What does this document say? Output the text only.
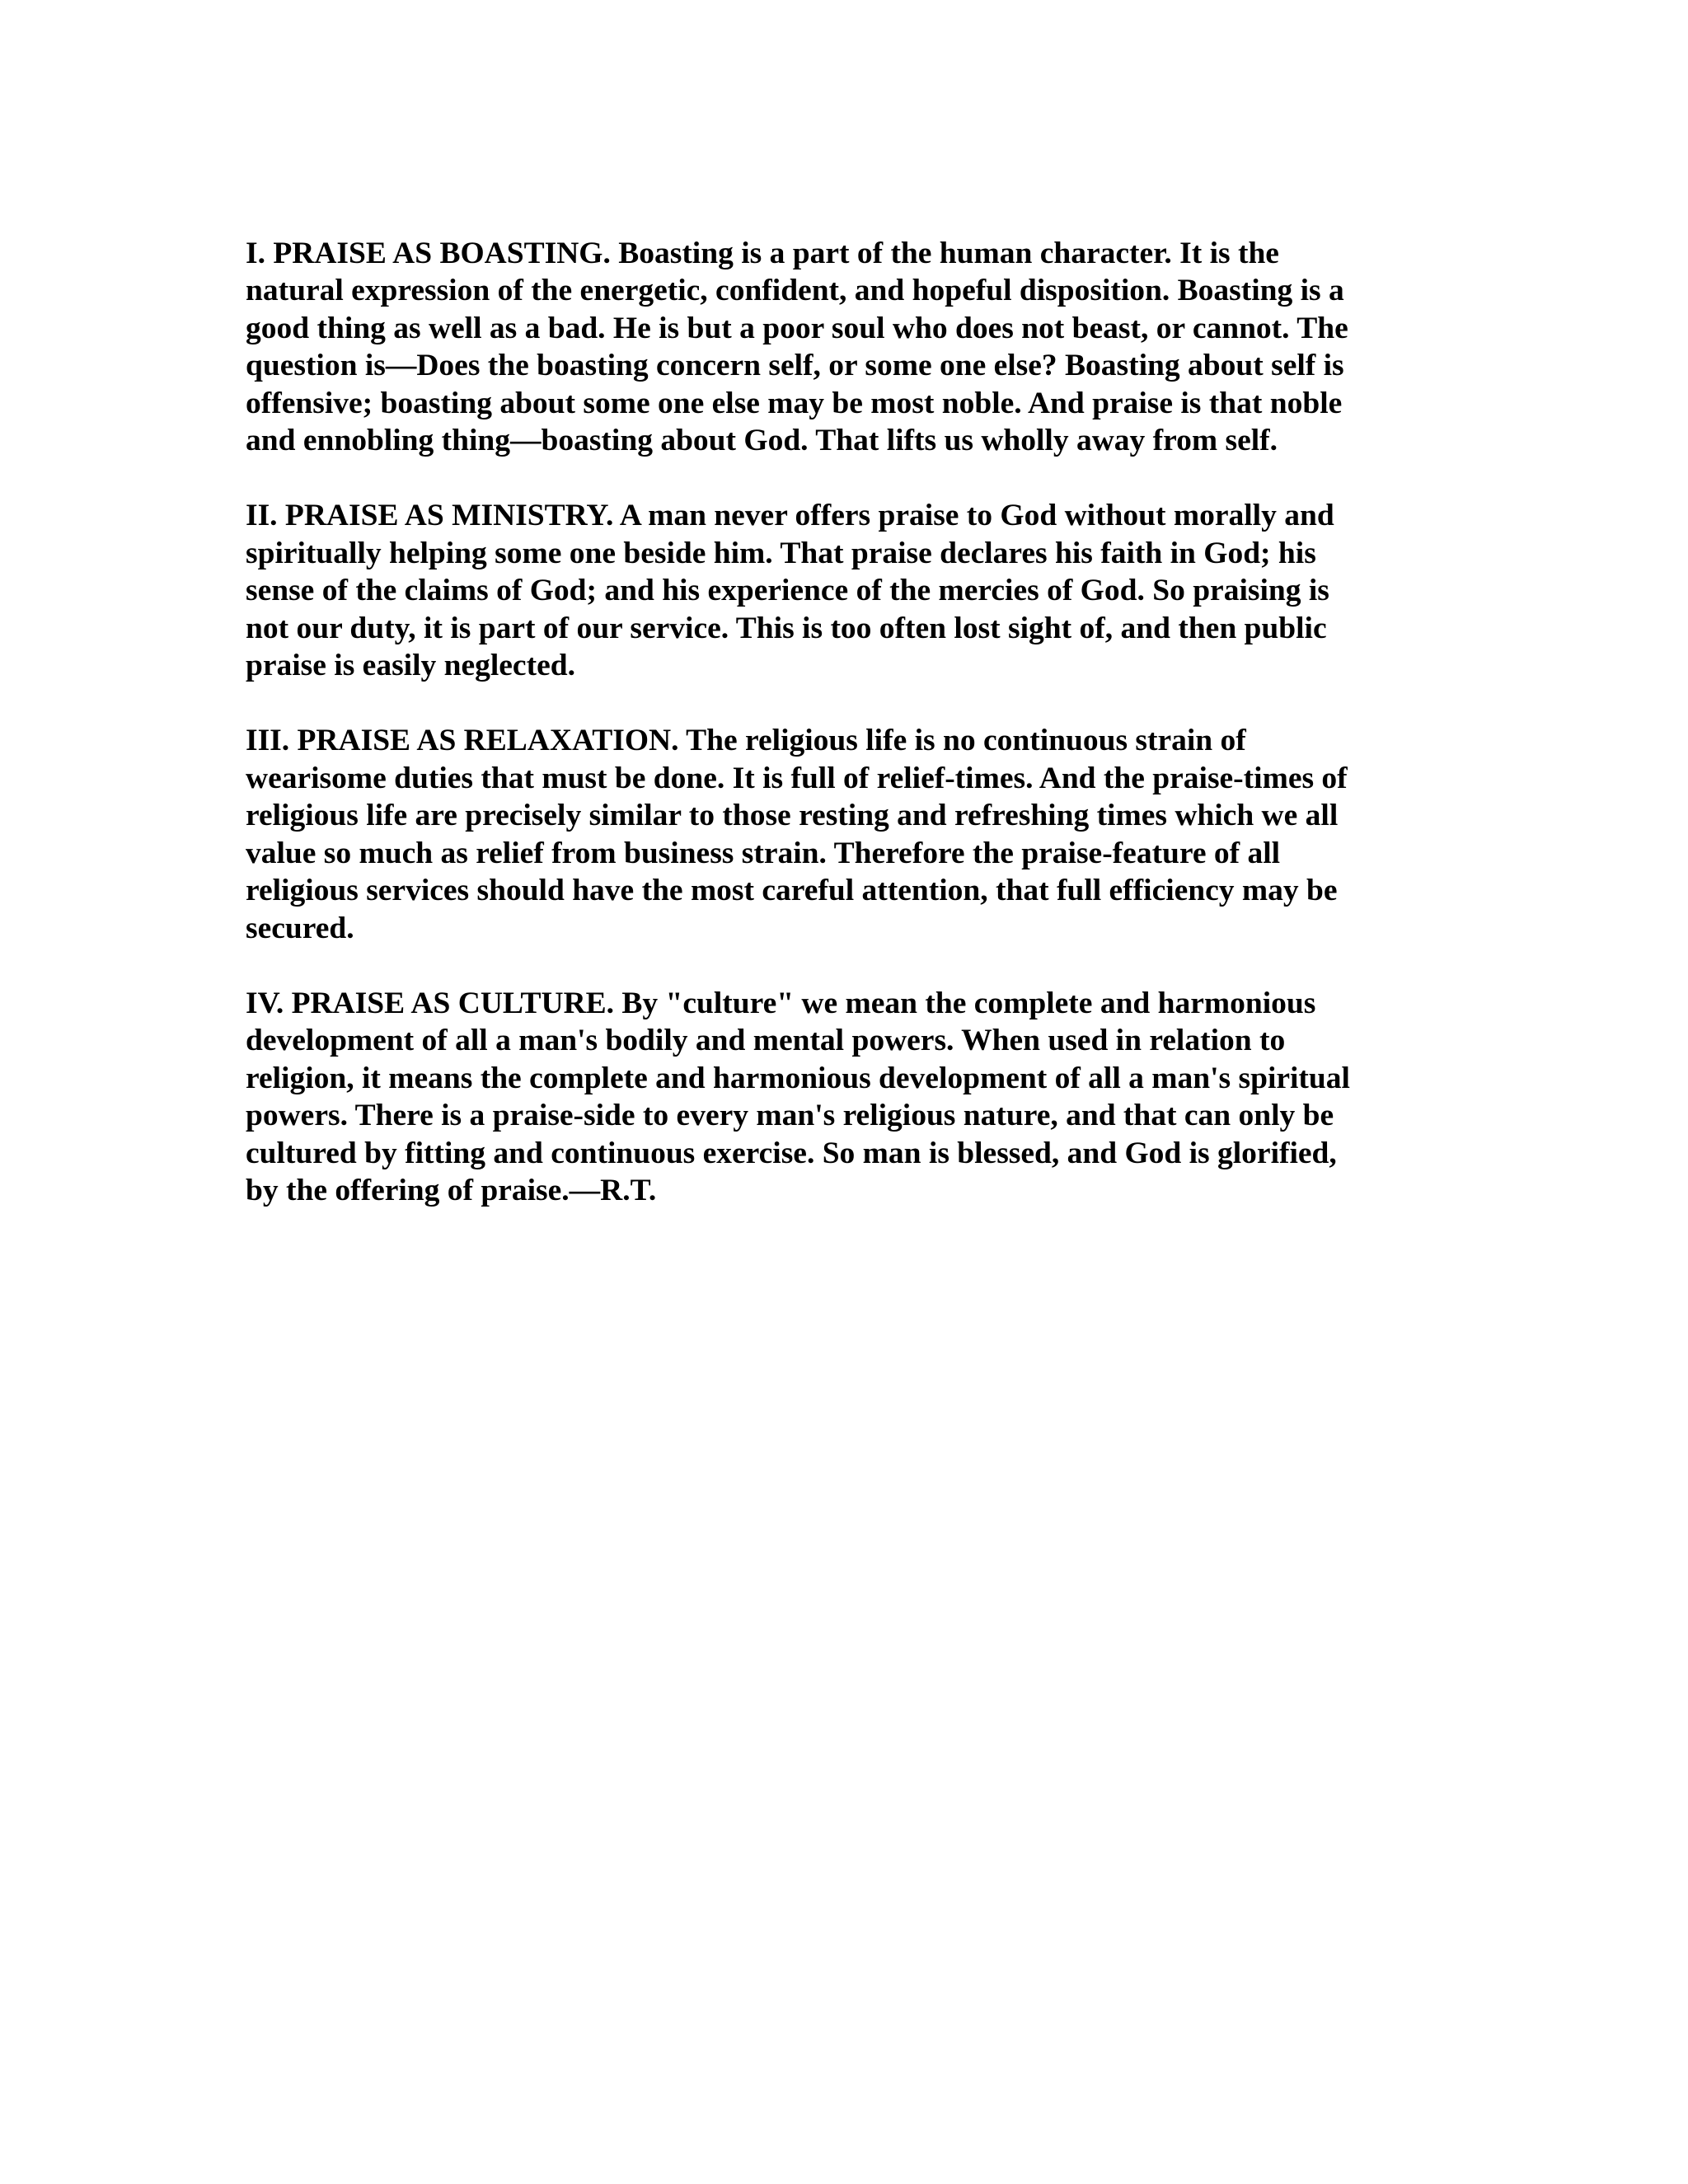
I. PRAISE AS BOASTING. Boasting is a part of the human character. It is the
natural expression of the energetic, confident, and hopeful disposition. Boasting is a
good thing as well as a bad. He is but a poor soul who does not beast, or cannot. The
question is—Does the boasting concern self, or some one else? Boasting about self is
offensive; boasting about some one else may be most noble. And praise is that noble
and ennobling thing—boasting about God. That lifts us wholly away from self.

II. PRAISE AS MINISTRY. A man never offers praise to God without morally and
spiritually helping some one beside him. That praise declares his faith in God; his
sense of the claims of God; and his experience of the mercies of God. So praising is
not our duty, it is part of our service. This is too often lost sight of, and then public
praise is easily neglected.

III. PRAISE AS RELAXATION. The religious life is no continuous strain of
wearisome duties that must be done. It is full of relief-times. And the praise-times of
religious life are precisely similar to those resting and refreshing times which we all
value so much as relief from business strain. Therefore the praise-feature of all
religious services should have the most careful attention, that full efficiency may be
secured.

IV. PRAISE AS CULTURE. By "culture" we mean the complete and harmonious
development of all a man's bodily and mental powers. When used in relation to
religion, it means the complete and harmonious development of all a man's spiritual
powers. There is a praise-side to every man's religious nature, and that can only be
cultured by fitting and continuous exercise. So man is blessed, and God is glorified,
by the offering of praise.—R.T.
